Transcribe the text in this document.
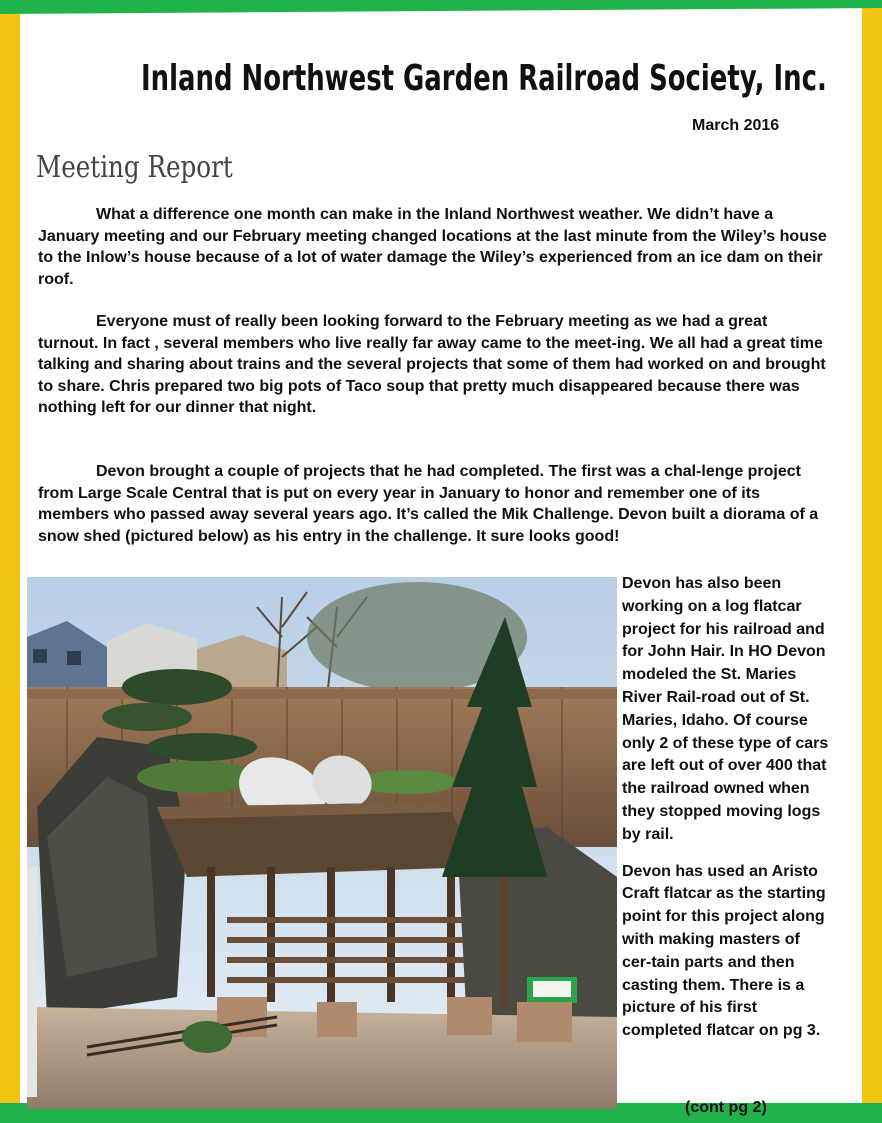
Inland Northwest Garden Railroad Society, Inc.
March 2016
Meeting Report
What a difference one month can make in the Inland Northwest weather. We didn’t have a January meeting and our February meeting changed locations at the last minute from the Wiley’s house to the Inlow’s house because of a lot of water damage the Wiley’s experienced from an ice dam on their roof.
Everyone must of really been looking forward to the February meeting as we had a great turnout. In fact , several members who live really far away came to the meet-ing. We all had a great time talking and sharing about trains and the several projects that some of them had worked on and brought to share. Chris prepared two big pots of Taco soup that pretty much disappeared because there was nothing left for our dinner that night.
Devon brought a couple of projects that he had completed. The first was a chal-lenge project from Large Scale Central that is put on every year in January to honor and remember one of its members who passed away several years ago. It’s called the Mik Challenge. Devon built a diorama of a snow shed (pictured below) as his entry in the challenge. It sure looks good!

Devon has also been working on a log flatcar project for his railroad and for John Hair. In HO Devon modeled the St. Maries River Rail-road out of St. Maries, Idaho. Of course only 2 of these type of cars are left out of over 400 that the railroad owned when they stopped moving logs by rail.

Devon has used an Aristo Craft flatcar as the starting point for this project along with making masters of cer-tain parts and then casting them. There is a picture of his first completed flatcar on pg 3.

(cont pg 2)
